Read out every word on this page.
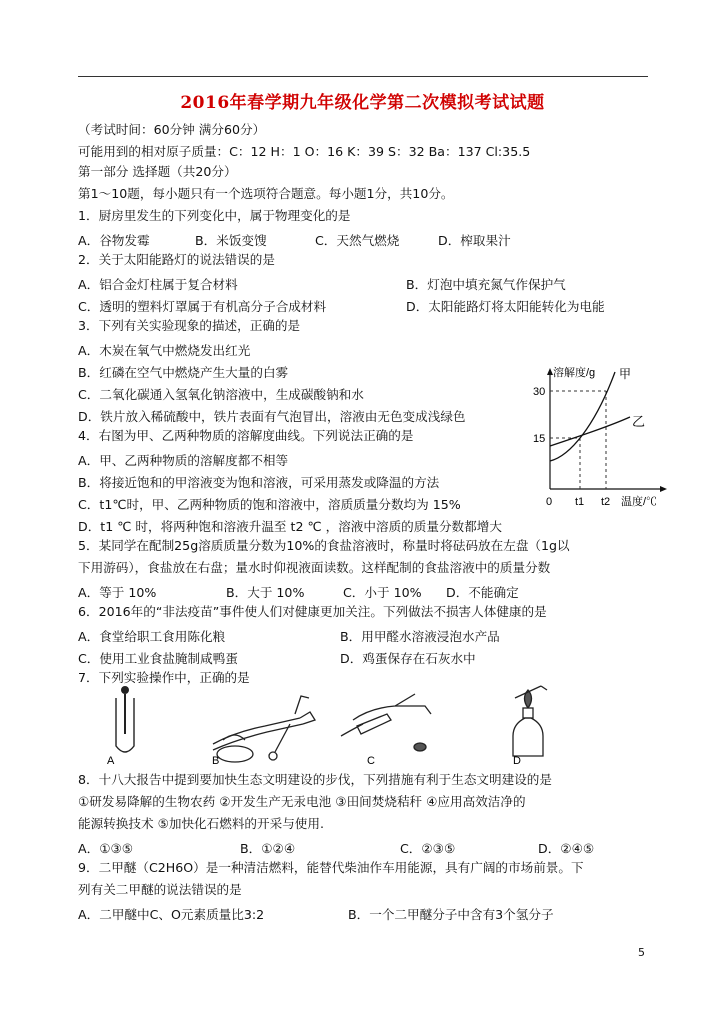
2016年春学期九年级化学第二次模拟考试试题
（考试时间：60分钟 满分60分）
可能用到的相对原子质量：C：12 H：1 O：16 K：39 S：32 Ba：137 Cl:35.5
第一部分 选择题（共20分）
第1～10题，每小题只有一个选项符合题意。每小题1分，共10分。
1．厨房里发生的下列变化中，属于物理变化的是
A．谷物发霉	B．米饭变馊	C．天然气燃烧	D．榨取果汁
2．关于太阳能路灯的说法错误的是
A．铝合金灯柱属于复合材料	B．灯泡中填充氮气作保护气
C．透明的塑料灯罩属于有机高分子合成材料	D．太阳能路灯将太阳能转化为电能
3．下列有关实验现象的描述，正确的是
A．木炭在氧气中燃烧发出红光
B．红磷在空气中燃烧产生大量的白雾
C．二氧化碳通入氢氧化钠溶液中，生成碳酸钠和水
D．铁片放入稀硫酸中，铁片表面有气泡冒出，溶液由无色变成浅绿色
4．右图为甲、乙两种物质的溶解度曲线。下列说法正确的是
A．甲、乙两种物质的溶解度都不相等
B．将接近饱和的甲溶液变为饱和溶液，可采用蒸发或降温的方法
C．t1℃时，甲、乙两种物质的饱和溶液中，溶质质量分数均为 15%
D．t1 ℃ 时，将两种饱和溶液升温至 t2 ℃ ，溶液中溶质的质量分数都增大
溶解度/g 甲
乙
30
15
0 t1 t2 温度/℃
5．某同学在配制25g溶质质量分数为10%的食盐溶液时，称量时将砝码放在左盘（1g以
下用游码），食盐放在右盘；量水时仰视液面读数。这样配制的食盐溶液中的质量分数
A．等于 10%	B．大于 10%	C．小于 10% D．不能确定
6．2016年的“非法疫苗”事件使人们对健康更加关注。下列做法不损害人体健康的是
A．食堂给职工食用陈化粮	B．用甲醛水溶液浸泡水产品
C．使用工业食盐腌制咸鸭蛋	D．鸡蛋保存在石灰水中
7．下列实验操作中，正确的是
A	B	C	D
8．十八大报告中提到要加快生态文明建设的步伐，下列措施有利于生态文明建设的是
①研发易降解的生物农药 ②开发生产无汞电池 ③田间焚烧秸秆 ④应用高效洁净的
能源转换技术 ⑤加快化石燃料的开采与使用.
A．①③⑤	B．①②④	C．②③⑤	D．②④⑤
9．二甲醚（C2H6O）是一种清洁燃料，能替代柴油作车用能源，具有广阔的市场前景。下
列有关二甲醚的说法错误的是
A．二甲醚中C、O元素质量比3:2	B．一个二甲醚分子中含有3个氢分子
5
